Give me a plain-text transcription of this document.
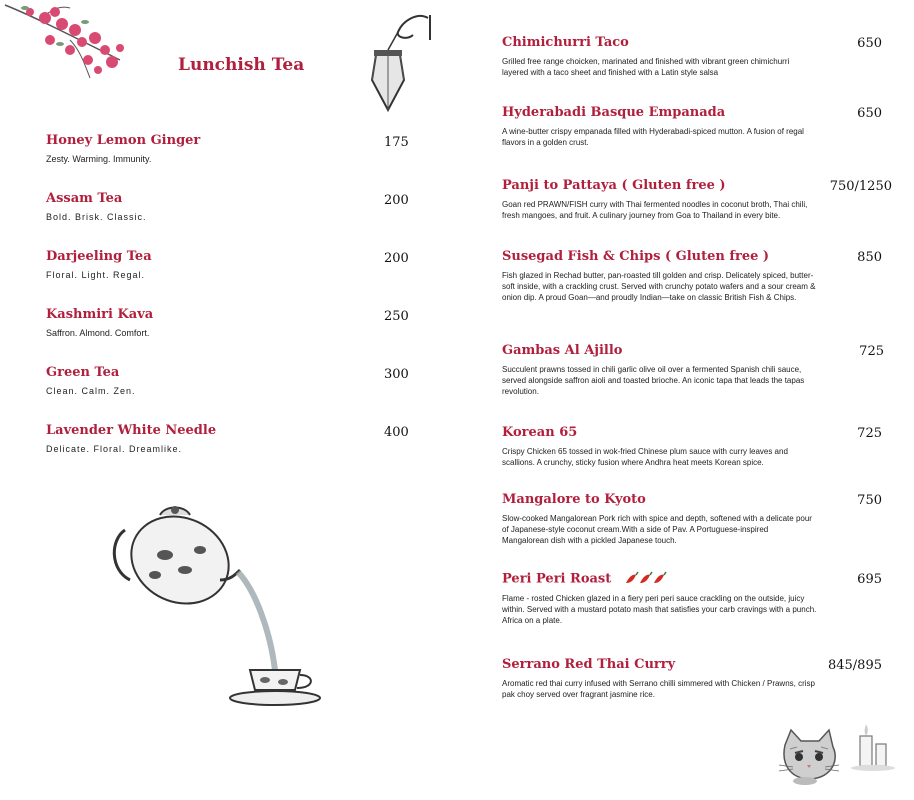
Lunchish Tea
Honey Lemon Ginger	175
Zesty. Warming. Immunity.
Assam Tea	200
Bold. Brisk. Classic.
Darjeeling Tea	200
Floral. Light. Regal.
Kashmiri Kava	250
Saffron. Almond. Comfort.
Green Tea	300
Clean. Calm. Zen.
Lavender White Needle	400
Delicate. Floral. Dreamlike.
Chimichurri Taco	650
Grilled free range choicken, marinated and finished with vibrant green chimichurri layered with a taco sheet and finished with a Latin style salsa
Hyderabadi Basque Empanada	650
A wine-butter crispy empanada filled with Hyderabadi-spiced mutton. A fusion of regal flavors in a golden crust.
Panji to Pattaya ( Gluten free )	750/1250
Goan red PRAWN/FISH curry with Thai fermented noodles in coconut broth, Thai chili, fresh mangoes, and fruit. A culinary journey from Goa to Thailand in every bite.
Susegad Fish & Chips ( Gluten free )	850
Fish glazed in Rechad butter, pan-roasted till golden and crisp. Delicately spiced, butter-soft inside, with a crackling crust. Served with crunchy potato wafers and a sour cream & onion dip. A proud Goan—and proudly Indian—take on classic British Fish & Chips.
Gambas Al Ajillo	725
Succulent prawns tossed in chili garlic olive oil over a fermented Spanish chili sauce, served alongside saffron aioli and toasted brioche. An iconic tapa that leads the tapas revolution.
Korean 65	725
Crispy Chicken 65 tossed in wok-fried Chinese plum sauce with curry leaves and scallions. A crunchy, sticky fusion where Andhra heat meets Korean spice.
Mangalore to Kyoto	750
Slow-cooked Mangalorean Pork rich with spice and depth, softened with a delicate pour of Japanese-style coconut cream.With a side of Pav. A Portuguese-inspired Mangalorean dish with a pickled Japanese touch.
Peri Peri Roast	695
Flame - rosted Chicken glazed in a fiery peri peri sauce crackling on the outside, juicy within. Served with a mustard potato mash that satisfies your carb cravings with a punch. Africa on a plate.
Serrano Red Thai Curry	845/895
Aromatic red thai curry infused with Serrano chilli simmered with Chicken / Prawns, crisp pak choy served over fragrant jasmine rice.
